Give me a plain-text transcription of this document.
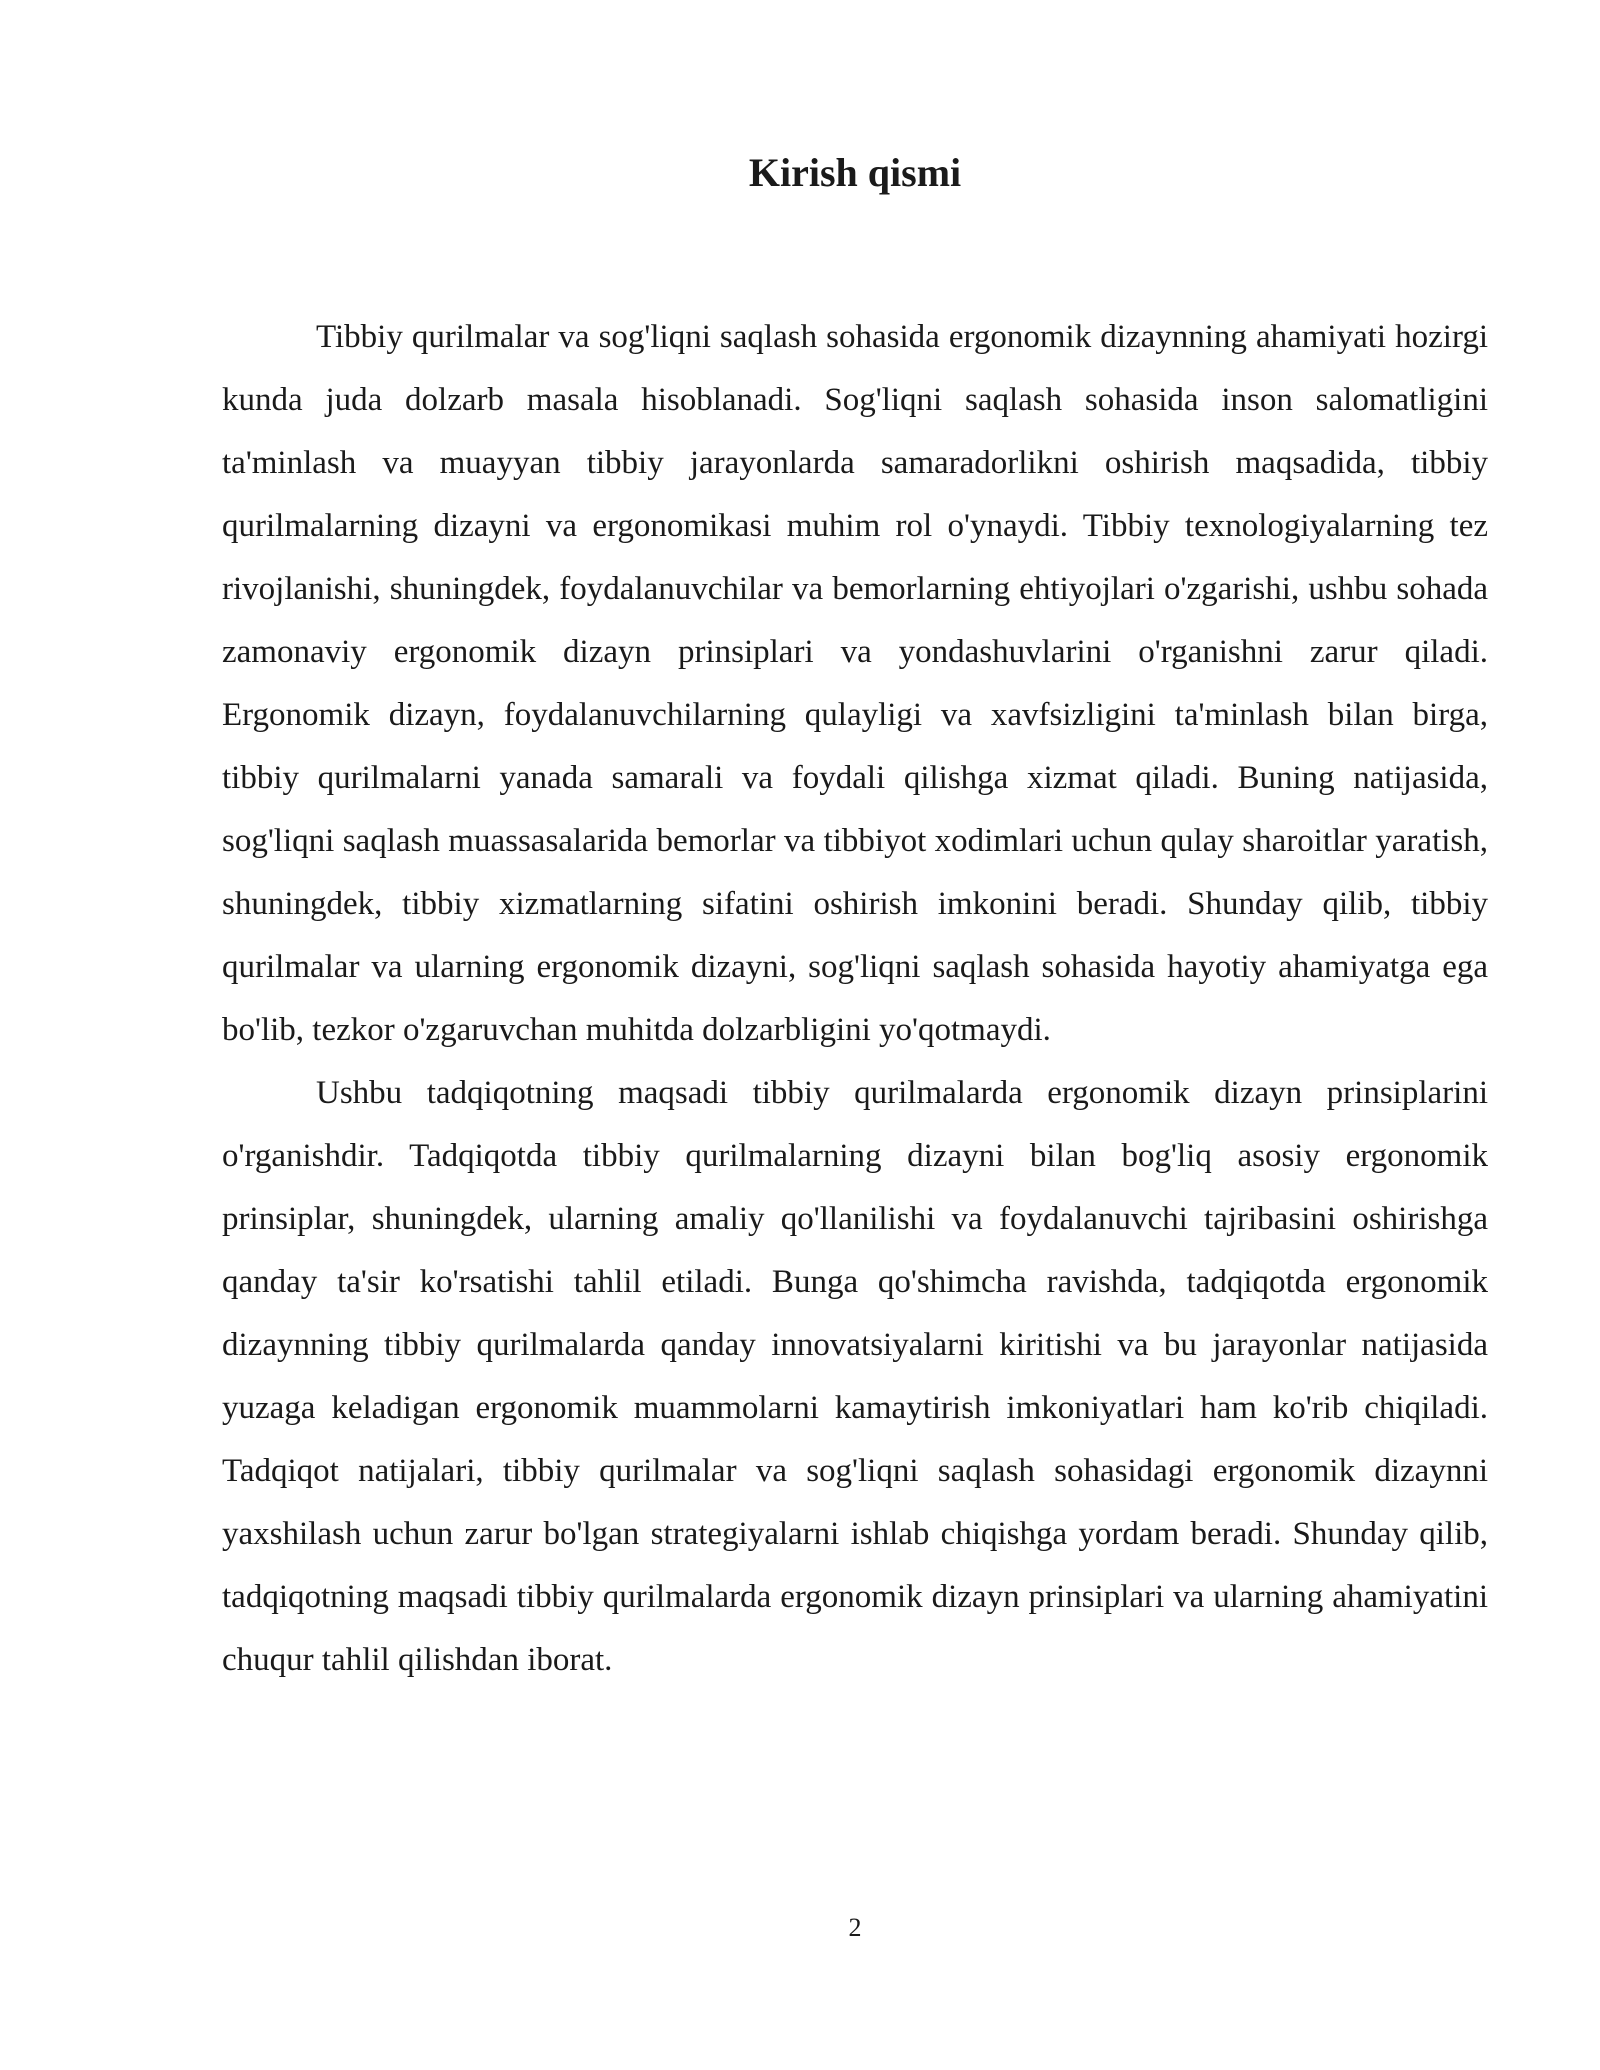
Kirish qismi

Tibbiy qurilmalar va sog'liqni saqlash sohasida ergonomik dizaynning ahamiyati hozirgi kunda juda dolzarb masala hisoblanadi. Sog'liqni saqlash sohasida inson salomatligini ta'minlash va muayyan tibbiy jarayonlarda samaradorlikni oshirish maqsadida, tibbiy qurilmalarning dizayni va ergonomikasi muhim rol o'ynaydi. Tibbiy texnologiyalarning tez rivojlanishi, shuningdek, foydalanuvchilar va bemorlarning ehtiyojlari o'zgarishi, ushbu sohada zamonaviy ergonomik dizayn prinsiplari va yondashuvlarini o'rganishni zarur qiladi. Ergonomik dizayn, foydalanuvchilarning qulayligi va xavfsizligini ta'minlash bilan birga, tibbiy qurilmalarni yanada samarali va foydali qilishga xizmat qiladi. Buning natijasida, sog'liqni saqlash muassasalarida bemorlar va tibbiyot xodimlari uchun qulay sharoitlar yaratish, shuningdek, tibbiy xizmatlarning sifatini oshirish imkonini beradi. Shunday qilib, tibbiy qurilmalar va ularning ergonomik dizayni, sog'liqni saqlash sohasida hayotiy ahamiyatga ega bo'lib, tezkor o'zgaruvchan muhitda dolzarbligini yo'qotmaydi.

Ushbu tadqiqotning maqsadi tibbiy qurilmalarda ergonomik dizayn prinsiplarini o'rganishdir. Tadqiqotda tibbiy qurilmalarning dizayni bilan bog'liq asosiy ergonomik prinsiplar, shuningdek, ularning amaliy qo'llanilishi va foydalanuvchi tajribasini oshirishga qanday ta'sir ko'rsatishi tahlil etiladi. Bunga qo'shimcha ravishda, tadqiqotda ergonomik dizaynning tibbiy qurilmalarda qanday innovatsiyalarni kiritishi va bu jarayonlar natijasida yuzaga keladigan ergonomik muammolarni kamaytirish imkoniyatlari ham ko'rib chiqiladi. Tadqiqot natijalari, tibbiy qurilmalar va sog'liqni saqlash sohasidagi ergonomik dizaynni yaxshilash uchun zarur bo'lgan strategiyalarni ishlab chiqishga yordam beradi. Shunday qilib, tadqiqotning maqsadi tibbiy qurilmalarda ergonomik dizayn prinsiplari va ularning ahamiyatini chuqur tahlil qilishdan iborat.

2
